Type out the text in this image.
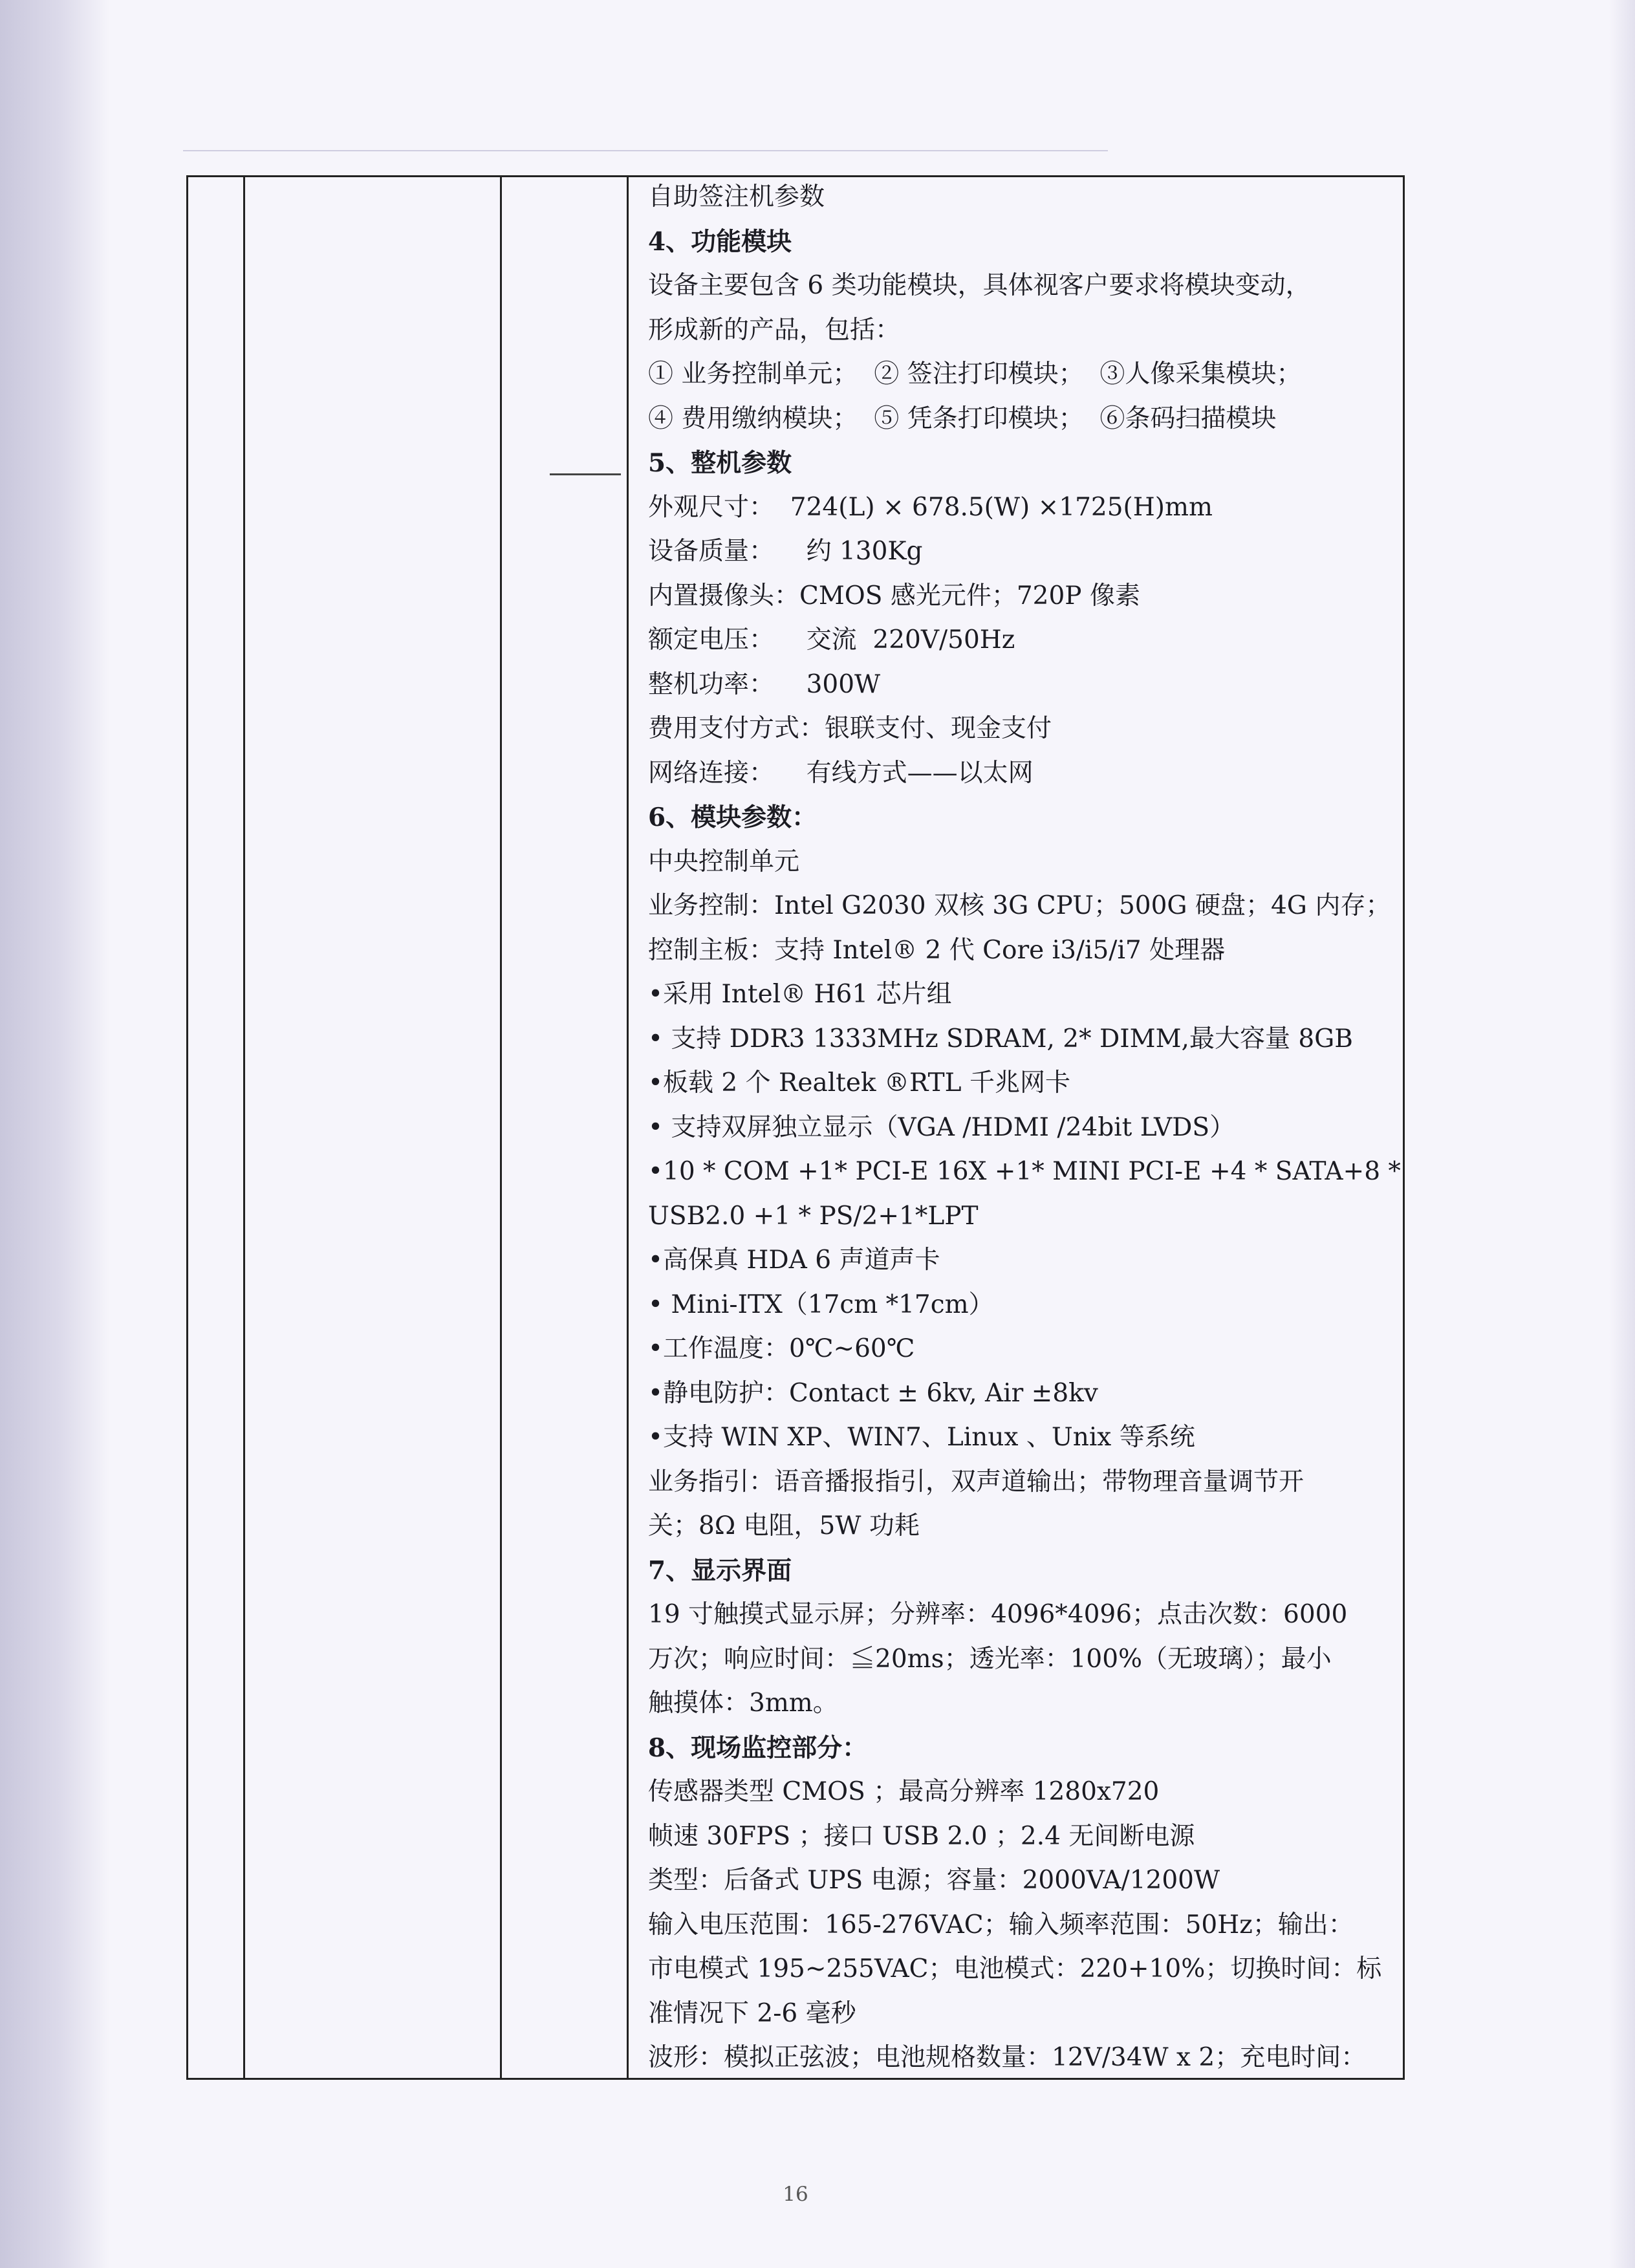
自助签注机参数
4、功能模块
设备主要包含 6 类功能模块，具体视客户要求将模块变动，
形成新的产品，包括：
① 业务控制单元；  ② 签注打印模块；  ③人像采集模块；
④ 费用缴纳模块；  ⑤ 凭条打印模块；  ⑥条码扫描模块
5、整机参数
外观尺寸：  724(L) × 678.5(W) ×1725(H)mm
设备质量：    约 130Kg
内置摄像头：CMOS 感光元件；720P 像素
额定电压：    交流  220V/50Hz
整机功率：    300W
费用支付方式：银联支付、现金支付
网络连接：    有线方式——以太网
6、模块参数：
中央控制单元
业务控制：Intel G2030 双核 3G CPU；500G 硬盘；4G 内存；
控制主板：支持 Intel® 2 代 Core i3/i5/i7 处理器
•采用 Intel® H61 芯片组
• 支持 DDR3 1333MHz SDRAM, 2* DIMM,最大容量 8GB
•板载 2 个 Realtek ®RTL 千兆网卡
• 支持双屏独立显示（VGA /HDMI /24bit LVDS）
•10 * COM +1* PCI-E 16X +1* MINI PCI-E +4 * SATA+8 *
USB2.0 +1 * PS/2+1*LPT
•高保真 HDA 6 声道声卡
• Mini-ITX（17cm *17cm）
•工作温度：0℃~60℃
•静电防护：Contact ± 6kv, Air ±8kv
•支持 WIN XP、WIN7、Linux 、Unix 等系统
业务指引：语音播报指引，双声道输出；带物理音量调节开
关；8Ω 电阻，5W 功耗
7、显示界面
19 寸触摸式显示屏；分辨率：4096*4096；点击次数：6000
万次；响应时间：≦20ms；透光率：100%（无玻璃）；最小
触摸体：3mm。
8、现场监控部分：
传感器类型 CMOS ；最高分辨率 1280x720
帧速 30FPS ；接口 USB 2.0 ；2.4 无间断电源
类型：后备式 UPS 电源；容量：2000VA/1200W
输入电压范围：165-276VAC；输入频率范围：50Hz；输出：
市电模式 195~255VAC；电池模式：220+10%；切换时间：标
准情况下 2-6 毫秒
波形：模拟正弦波；电池规格数量：12V/34W x 2；充电时间：
16
